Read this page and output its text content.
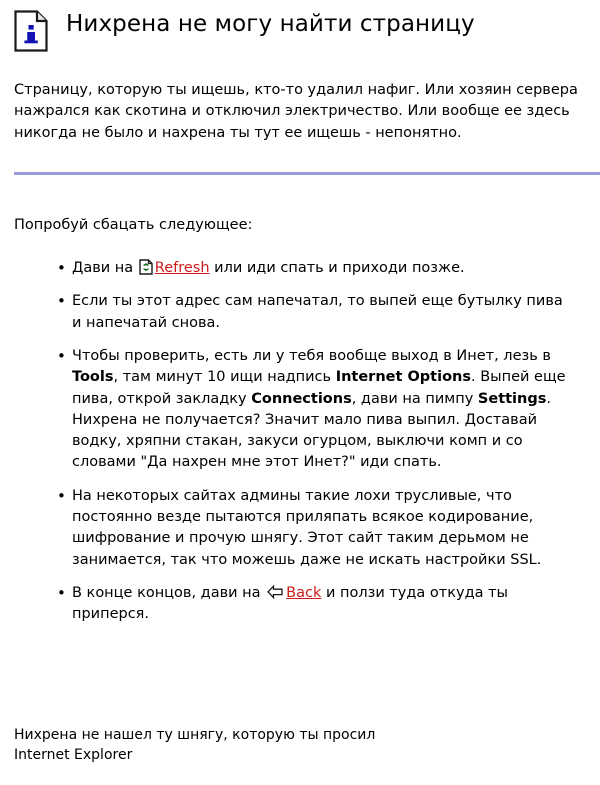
Нихрена не могу найти страницу

Страницу, которую ты ищешь, кто-то удалил нафиг. Или хозяин сервера нажрался как скотина и отключил электричество. Или вообще ее здесь никогда не было и нахрена ты тут ее ищешь - непонятно.

Попробуй сбацать следующее:

• Дави на
Refresh или иди спать и приходи позже.
• Если ты этот адрес сам напечатал, то выпей еще бутылку пива и напечатай снова.
• Чтобы проверить, есть ли у тебя вообще выход в Инет, лезь в Tools, там минут 10 ищи надпись Internet Options. Выпей еще пива, открой закладку Connections, дави на пимпу Settings. Нихрена не получается? Значит мало пива выпил. Доставай водку, хряпни стакан, закуси огурцом, выключи комп и со словами "Да нахрен мне этот Инет?" иди спать.
• На некоторых сайтах админы такие лохи трусливые, что постоянно везде пытаются приляпать всякое кодирование, шифрование и прочую шнягу. Этот сайт таким дерьмом не занимается, так что можешь даже не искать настройки SSL.
• В конце концов, дави на
Back и ползи туда откуда ты приперся.
Нихрена не нашел ту шнягу, которую ты просил
Internet Explorer
